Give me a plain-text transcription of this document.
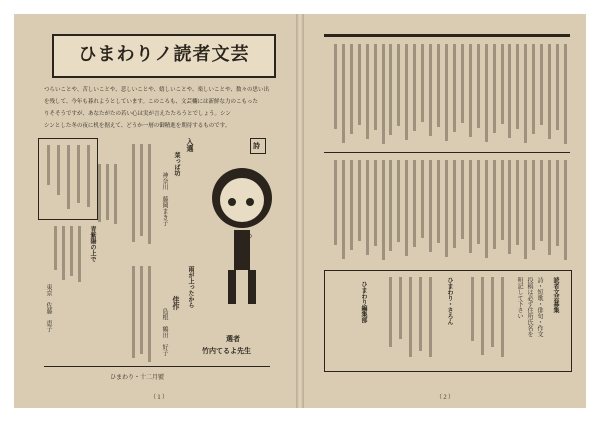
ひまわりノ読者文芸
つらいことや、苦しいことや、悲しいことや、嬉しいことや、楽しいことや、数々の思い出
を残して、今年も暮れようとしています。このころも、文芸欄には新鮮な力のこもった
りそそうですが、あなたがたの若い心は実が言えたたろうとでしょう。シン
シンとした冬の夜に机を据えて、どうか一層の御精進を期待するものです。
青紫陽の上で
東京　佐藤　恵子
入選
菜っぱ坊
神奈川　藤岡まき子
雨が上ったから
佳作
島根　鶴田　好子
詩
KYURO
選者
竹内てるよ先生
ひまわり・十二月號
（１）
読者文芸募集
詩・短歌・俳句・作文
投稿は必ず住所氏名を
明記して下さい
ひまわり・さろん
ひまわり編集部
（２）
